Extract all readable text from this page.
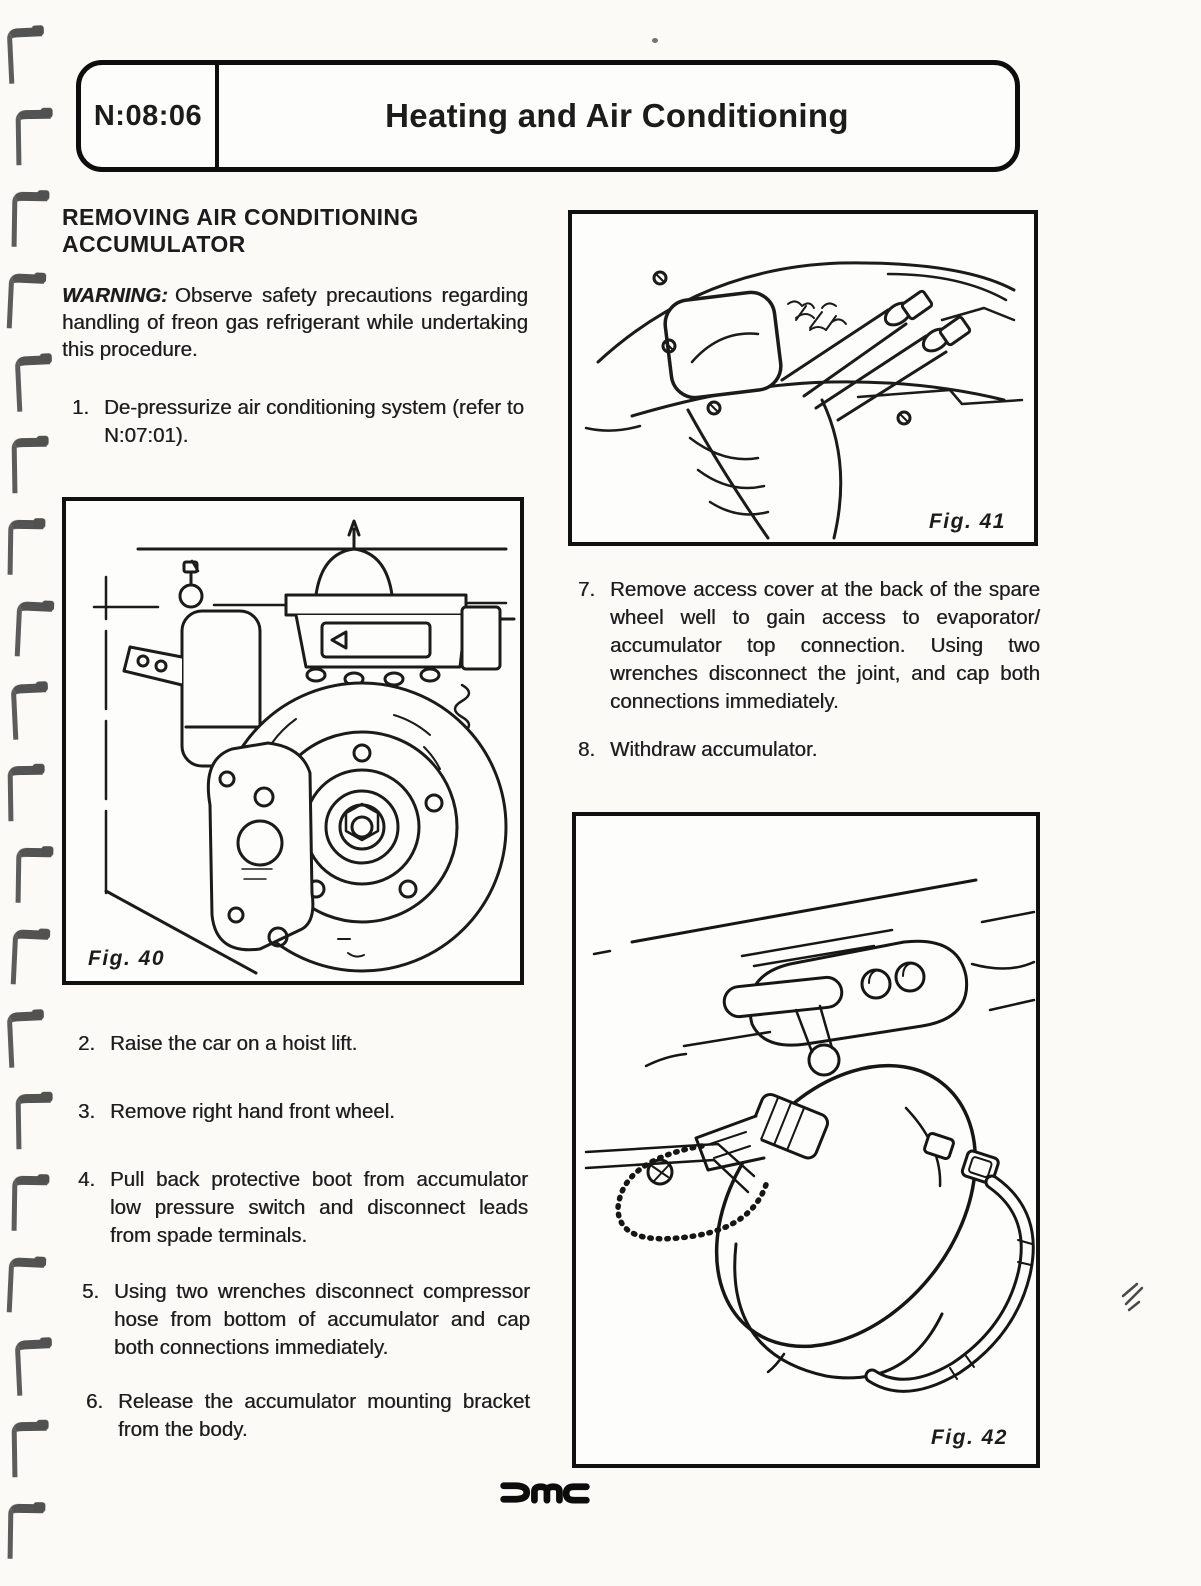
N:08:06	Heating and Air Conditioning
REMOVING AIR CONDITIONING
ACCUMULATOR

WARNING: Observe safety precautions regarding handling of freon gas refrigerant while undertaking this procedure.

1. De-pressurize air conditioning system (refer to N:07:01).
Fig. 40
2. Raise the car on a hoist lift.
3. Remove right hand front wheel.
4. Pull back protective boot from accumulator low pressure switch and disconnect leads from spade terminals.
5. Using two wrenches disconnect compressor hose from bottom of accumulator and cap both connections immediately.
6. Release the accumulator mounting bracket from the body.
Fig. 41
7. Remove access cover at the back of the spare wheel well to gain access to evaporator/ accumulator top connection. Using two wrenches disconnect the joint, and cap both connections immediately.
8. Withdraw accumulator.
Fig. 42
